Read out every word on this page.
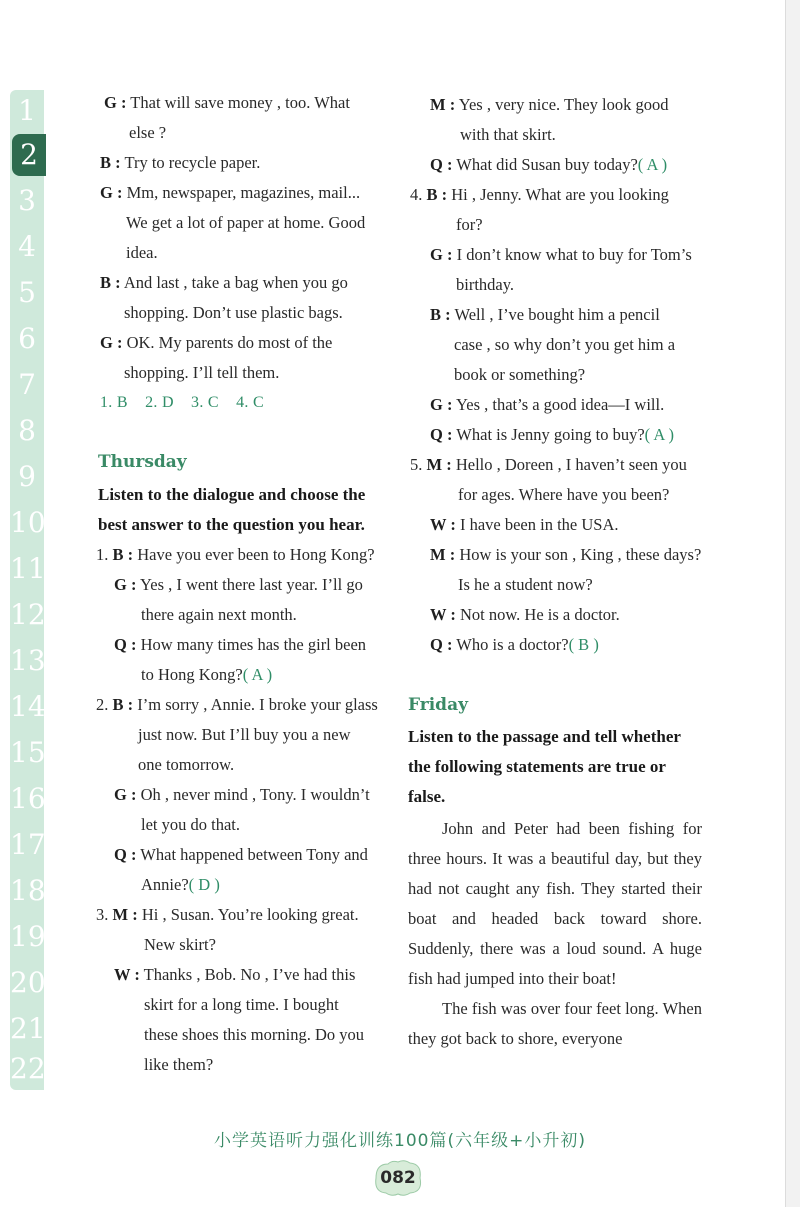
1
2
3
4
5
6
7
8
9
10
11
12
13
14
15
16
17
18
19
20
21
22
G : That will save money , too. What
else ?
B : Try to recycle paper.
G : Mm, newspaper, magazines, mail...
We get a lot of paper at home. Good
idea.
B : And last , take a bag when you go
shopping. Don’t use plastic bags.
G : OK. My parents do most of the
shopping. I’ll tell them.
1. B    2. D    3. C    4. C
Thursday
Listen to the dialogue and choose the
best answer to the question you hear.
1. B : Have you ever been to Hong Kong?
G : Yes , I went there last year. I’ll go
there again next month.
Q : How many times has the girl been
to Hong Kong?( A )
2. B : I’m sorry , Annie. I broke your glass
just now. But I’ll buy you a new
one tomorrow.
G : Oh , never mind , Tony. I wouldn’t
let you do that.
Q : What happened between Tony and
Annie?( D )
3. M : Hi , Susan. You’re looking great.
New skirt?
W : Thanks , Bob. No , I’ve had this
skirt for a long time. I bought
these shoes this morning. Do you
like them?
M : Yes , very nice. They look good
with that skirt.
Q : What did Susan buy today?( A )
4. B : Hi , Jenny. What are you looking
for?
G : I don’t know what to buy for Tom’s
birthday.
B : Well , I’ve bought him a pencil
case , so why don’t you get him a
book or something?
G : Yes , that’s a good idea—I will.
Q : What is Jenny going to buy?( A )
5. M : Hello , Doreen , I haven’t seen you
for ages. Where have you been?
W : I have been in the USA.
M : How is your son , King , these days?
Is he a student now?
W : Not now. He is a doctor.
Q : Who is a doctor?( B )
Friday
Listen to the passage and tell whether
the following statements are true or
false.
John and Peter had been fishing for three hours. It was a beautiful day, but they had not caught any fish. They started their boat and headed back toward shore. Suddenly, there was a loud sound. A huge fish had jumped into their boat!
The fish was over four feet long. When they got back to shore, everyone
小学英语听力强化训练100篇(六年级+小升初)
082
